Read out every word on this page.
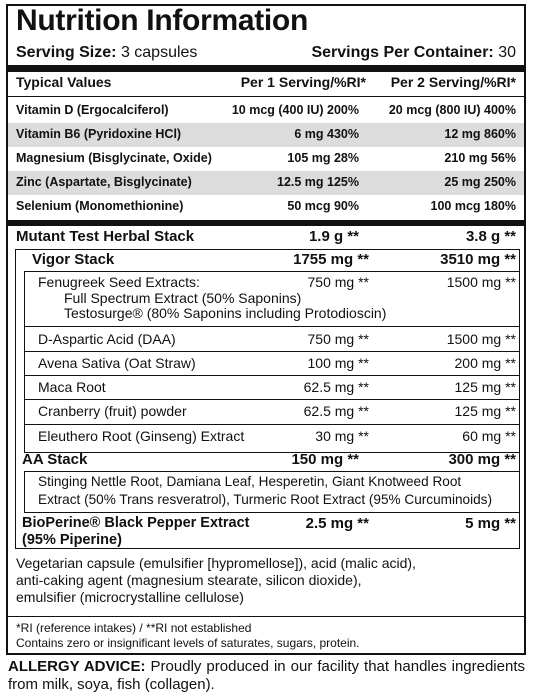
Nutrition Information
Serving Size: 3 capsules	Servings Per Container: 30
Typical Values	Per 1 Serving/%RI* Per 2 Serving/%RI*
Vitamin D (Ergocalciferol)	10 mcg (400 IU) 200% 20 mcg (800 IU) 400%
Vitamin B6 (Pyridoxine HCl)	6 mg 430%	12 mg 860%
Magnesium (Bisglycinate, Oxide)	105 mg 28%	210 mg 56%
Zinc (Aspartate, Bisglycinate)	12.5 mg 125%	25 mg 250%
Selenium (Monomethionine)	50 mcg 90%	100 mcg 180%
Mutant Test Herbal Stack	1.9 g **	3.8 g **
Vigor Stack	1755 mg **	3510 mg **
Fenugreek Seed Extracts:	750 mg **	1500 mg **
Full Spectrum Extract (50% Saponins)
Testosurge® (80% Saponins including Protodioscin)
D-Aspartic Acid (DAA)	750 mg **	1500 mg **
Avena Sativa (Oat Straw)	100 mg **	200 mg **
Maca Root	62.5 mg **	125 mg **
Cranberry (fruit) powder	62.5 mg **	125 mg **
Eleuthero Root (Ginseng) Extract	30 mg **	60 mg **
AA Stack	150 mg **	300 mg **
Stinging Nettle Root, Damiana Leaf, Hesperetin, Giant Knotweed Root
Extract (50% Trans resveratrol), Turmeric Root Extract (95% Curcuminoids)
BioPerine® Black Pepper Extract
(95% Piperine)
2.5 mg **	5 mg **
Vegetarian capsule (emulsifier [hypromellose]), acid (malic acid),
anti-caking agent (magnesium stearate, silicon dioxide),
emulsifier (microcrystalline cellulose)
*RI (reference intakes) / **RI not established
Contains zero or insignificant levels of saturates, sugars, protein.
ALLERGY ADVICE: Proudly produced in our facility that handles ingredients from milk, soya, fish (collagen).
